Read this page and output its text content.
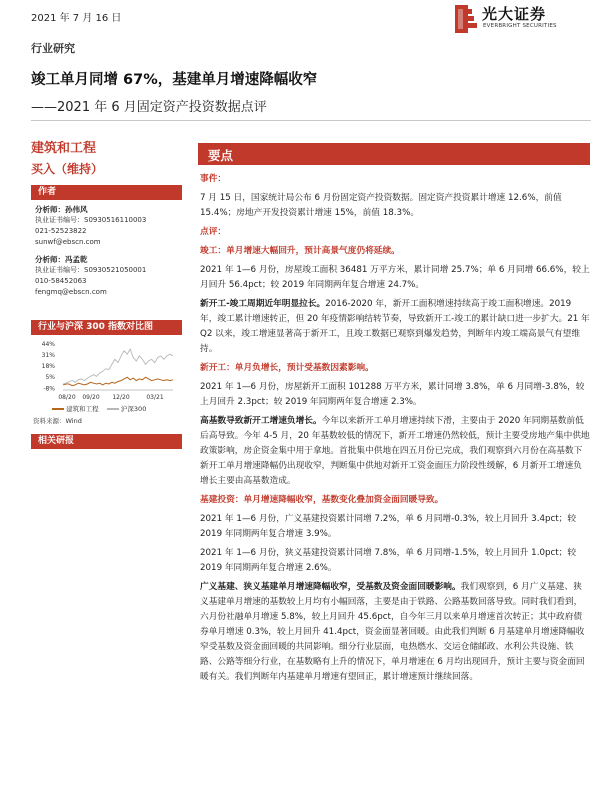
2021 年 7 月 16 日	光大证券
EVERBRIGHT SECURITIES
行业研究
竣工单月同增 67%，基建单月增速降幅收窄
——2021 年 6 月固定资产投资数据点评
建筑和工程
买入（维持）
作者
分析师：孙伟风
执业证书编号：S0930516110003
021-52523822
sunwf@ebscn.com
分析师：冯孟乾
执业证书编号：S0930521050001
010-58452063
fengmq@ebscn.com
行业与沪深 300 指数对比图
44%
31%
18%
5%
-8%
08/20 09/20 12/20	03/21
建筑和工程	沪深300
资料来源：Wind
相关研报
要点

事件：

7 月 15 日，国家统计局公布 6 月份固定资产投资数据。固定资产投资累计增速 12.6%，前值 15.4%；房地产开发投资累计增速 15%，前值 18.3%。

点评：

竣工：单月增速大幅回升，预计高景气度仍将延续。

2021 年 1—6 月份，房屋竣工面积 36481 万平方米，累计同增 25.7%；单 6 月同增 66.6%，较上月回升 56.4pct；较 2019 年同期两年复合增速 24.7%。

新开工-竣工周期近年明显拉长。2016-2020 年，新开工面积增速持续高于竣工面积增速。2019 年，竣工累计增速转正，但 20 年疫情影响结转节奏，导致新开工-竣工的累计缺口进一步扩大。21 年 Q2 以来，竣工增速显著高于新开工，且竣工数据已观察到爆发趋势，判断年内竣工端高景气有望维持。

新开工：单月负增长，预计受基数因素影响。

2021 年 1—6 月份，房屋新开工面积 101288 万平方米，累计同增 3.8%，单 6 月同增-3.8%，较上月回升 2.3pct；较 2019 年同期两年复合增速 2.3%。

高基数导致新开工增速负增长。今年以来新开工单月增速持续下滑，主要由于 2020 年同期基数前低后高导致。今年 4-5 月，20 年基数较低的情况下，新开工增速仍然较低，预计主要受房地产集中供地政策影响，房企资金集中用于拿地。首批集中供地在四五月份已完成，我们观察到六月份在高基数下新开工单月增速降幅仍出现收窄，判断集中供地对新开工资金面压力阶段性缓解，6 月新开工增速负增长主要由高基数造成。

基建投资：单月增速降幅收窄，基数变化叠加资金面回暖导致。

2021 年 1—6 月份，广义基建投资累计同增 7.2%，单 6 月同增-0.3%，较上月回升 3.4pct；较 2019 年同期两年复合增速 3.9%。

2021 年 1—6 月份，狭义基建投资累计同增 7.8%，单 6 月同增-1.5%，较上月回升 1.0pct；较 2019 年同期两年复合增速 2.6%。

广义基建、狭义基建单月增速降幅收窄，受基数及资金面回暖影响。我们观察到，6 月广义基建、狭义基建单月增速的基数较上月均有小幅回落，主要是由于铁路、公路基数回落导致。同时我们看到，六月份社融单月增速 5.8%，较上月回升 45.6pct，自今年三月以来单月增速首次转正；其中政府债券单月增速 0.3%，较上月回升 41.4pct，资金面显著回暖。由此我们判断 6 月基建单月增速降幅收窄受基数及资金面回暖的共同影响。细分行业层面，电热燃水、交运仓储邮政、水利公共设施、铁路、公路等细分行业，在基数略有上升的情况下，单月增速在 6 月均出现回升，预计主要与资金面回暖有关。我们判断年内基建单月增速有望回正，累计增速预计继续回落。
